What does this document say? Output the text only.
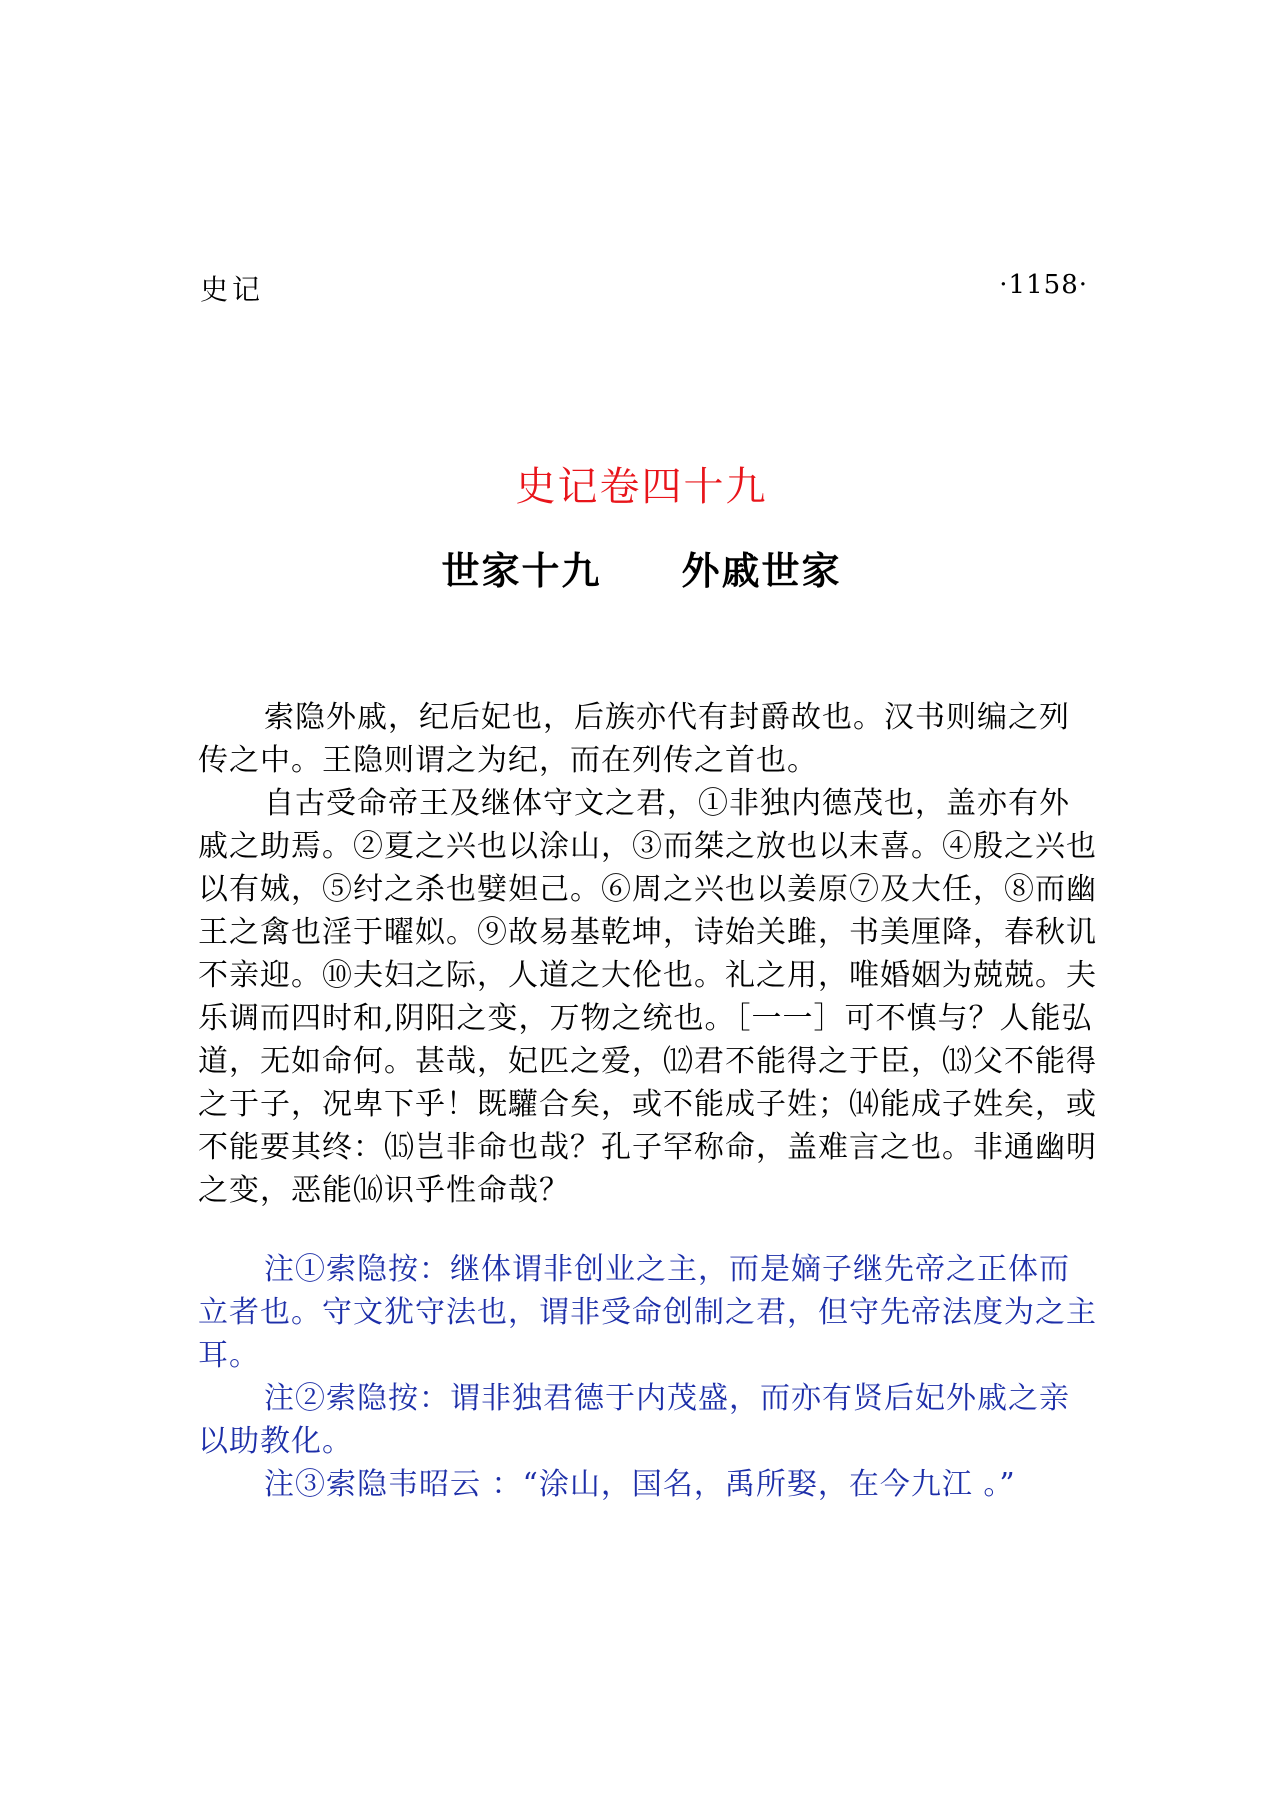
史记	·1158·
史记卷四十九
世家十九 外戚世家

索隐外戚，纪后妃也，后族亦代有封爵故也。汉书则编之列传之中。王隐则谓之为纪，而在列传之首也。

自古受命帝王及继体守文之君，①非独内德茂也，盖亦有外戚之助焉。②夏之兴也以涂山，③而桀之放也以末喜。④殷之兴也以有娀，⑤纣之杀也嬖妲己。⑥周之兴也以姜原⑦及大任，⑧而幽王之禽也淫于曜姒。⑨故易基乾坤，诗始关雎，书美厘降，春秋讥不亲迎。⑩夫妇之际，人道之大伦也。礼之用，唯婚姻为兢兢。夫乐调而四时和,阴阳之变，万物之统也。［一一］可不慎与？人能弘道，无如命何。甚哉，妃匹之爱，⑿君不能得之于臣，⒀父不能得之于子，况卑下乎！既驩合矣，或不能成子姓；⒁能成子姓矣，或不能要其终：⒂岂非命也哉？孔子罕称命，盖难言之也。非通幽明之变，恶能⒃识乎性命哉？

注①索隐按：继体谓非创业之主，而是嫡子继先帝之正体而立者也。守文犹守法也，谓非受命创制之君，但守先帝法度为之主耳。

注②索隐按：谓非独君德于内茂盛，而亦有贤后妃外戚之亲以助教化。

注③索隐韦昭云 ：“涂山，国名，禹所娶，在今九江 。”
